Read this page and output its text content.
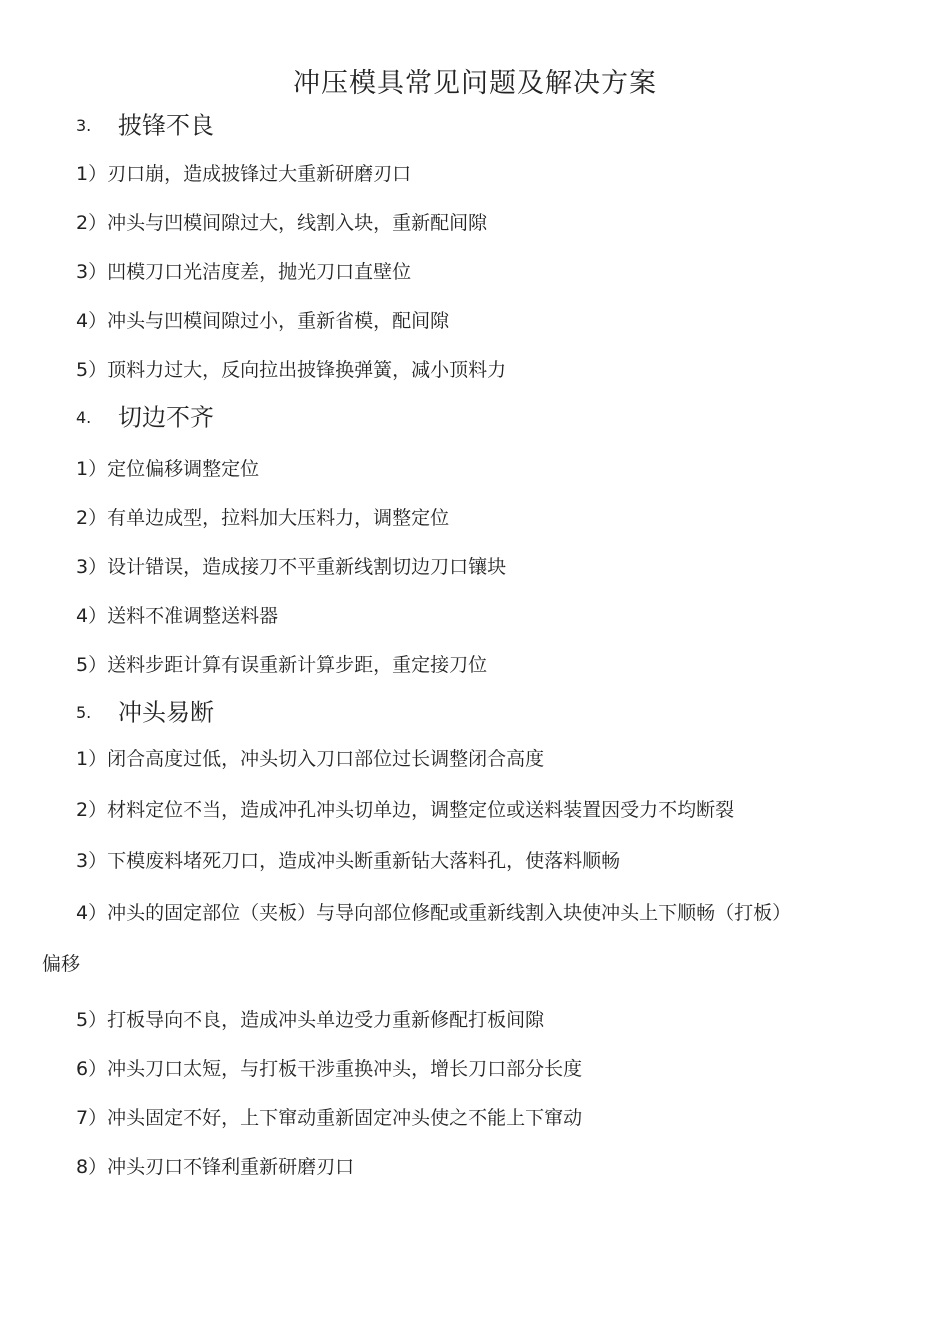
冲压模具常见问题及解决方案
3. 披锋不良
1）刃口崩，造成披锋过大重新研磨刃口
2）冲头与凹模间隙过大，线割入块，重新配间隙
3）凹模刀口光洁度差，抛光刀口直壁位
4）冲头与凹模间隙过小，重新省模，配间隙
5）顶料力过大，反向拉出披锋换弹簧，减小顶料力
4. 切边不齐
1）定位偏移调整定位
2）有单边成型，拉料加大压料力，调整定位
3）设计错误，造成接刀不平重新线割切边刀口镶块
4）送料不准调整送料器
5）送料步距计算有误重新计算步距，重定接刀位
5. 冲头易断
1）闭合高度过低，冲头切入刀口部位过长调整闭合高度
2）材料定位不当，造成冲孔冲头切单边，调整定位或送料装置因受力不均断裂
3）下模废料堵死刀口，造成冲头断重新钻大落料孔，使落料顺畅
4）冲头的固定部位（夹板）与导向部位修配或重新线割入块使冲头上下顺畅（打板）
偏移
5）打板导向不良，造成冲头单边受力重新修配打板间隙
6）冲头刀口太短，与打板干涉重换冲头，增长刀口部分长度
7）冲头固定不好，上下窜动重新固定冲头使之不能上下窜动
8）冲头刃口不锋利重新研磨刃口
